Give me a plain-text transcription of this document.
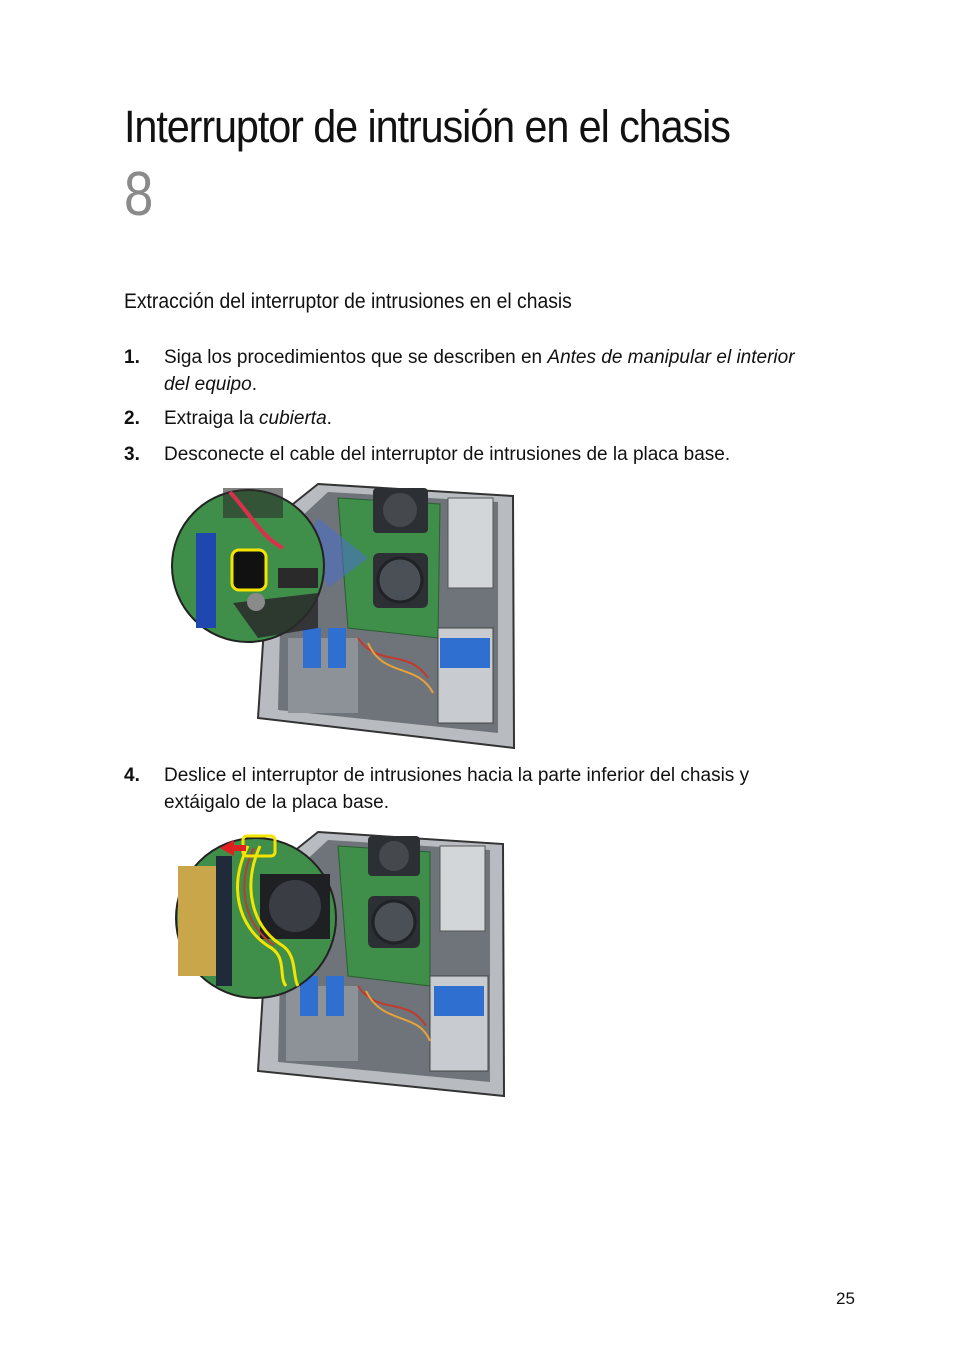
Interruptor de intrusión en el chasis
8
Extracción del interruptor de intrusiones en el chasis
1. Siga los procedimientos que se describen en Antes de manipular el interior
del equipo.
2. Extraiga la cubierta.
3. Desconecte el cable del interruptor de intrusiones de la placa base.
4. Deslice el interruptor de intrusiones hacia la parte inferior del chasis y
extáigalo de la placa base.
25
